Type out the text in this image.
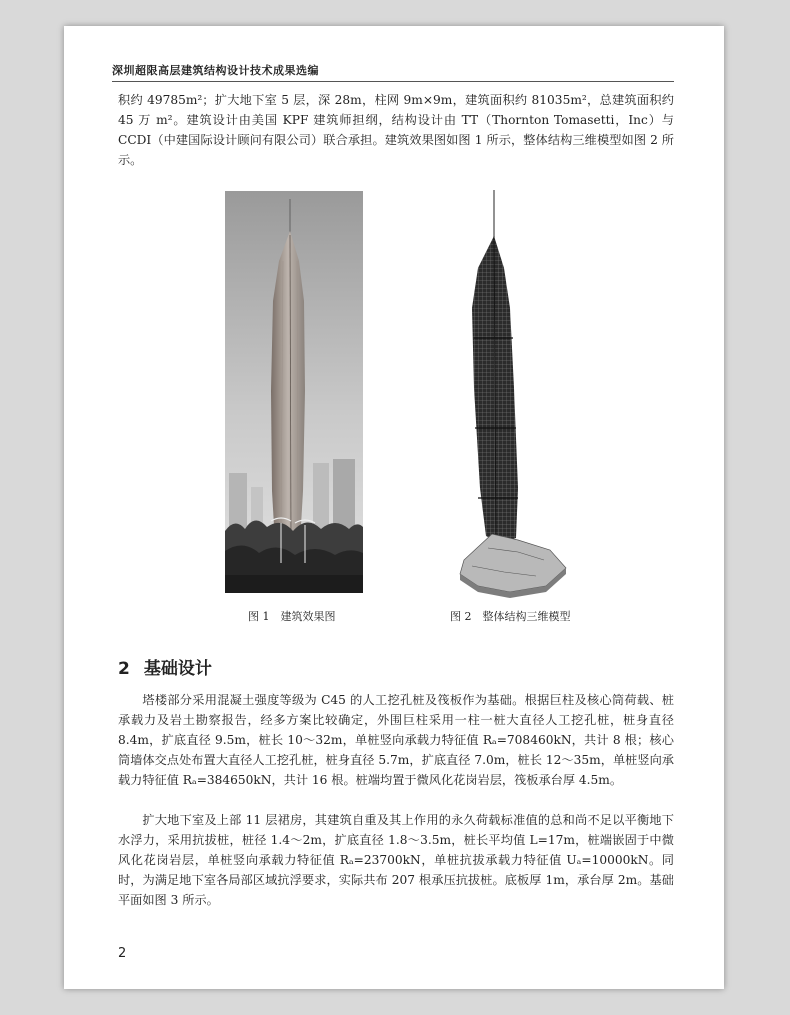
深圳超限高层建筑结构设计技术成果选编

积约 49785m²；扩大地下室 5 层，深 28m，柱网 9m×9m，建筑面积约 81035m²，总建筑面积约 45 万 m²。建筑设计由美国 KPF 建筑师担纲，结构设计由 TT（Thornton Tomasetti，Inc）与 CCDI（中建国际设计顾问有限公司）联合承担。建筑效果图如图 1 所示，整体结构三维模型如图 2 所示。

图 1　建筑效果图	图 2　整体结构三维模型
2 基础设计

塔楼部分采用混凝土强度等级为 C45 的人工挖孔桩及筏板作为基础。根据巨柱及核心筒荷载、桩承载力及岩土勘察报告，经多方案比较确定，外围巨柱采用一柱一桩大直径人工挖孔桩，桩身直径 8.4m，扩底直径 9.5m，桩长 10～32m，单桩竖向承载力特征值 Rₐ=708460kN，共计 8 根；核心筒墙体交点处布置大直径人工挖孔桩，桩身直径 5.7m，扩底直径 7.0m，桩长 12～35m，单桩竖向承载力特征值 Rₐ=384650kN，共计 16 根。桩端均置于微风化花岗岩层，筏板承台厚 4.5m。

扩大地下室及上部 11 层裙房，其建筑自重及其上作用的永久荷载标准值的总和尚不足以平衡地下水浮力，采用抗拔桩，桩径 1.4～2m，扩底直径 1.8～3.5m，桩长平均值 L=17m，桩端嵌固于中微风化花岗岩层，单桩竖向承载力特征值 Rₐ=23700kN，单桩抗拔承载力特征值 Uₐ=10000kN。同时，为满足地下室各局部区域抗浮要求，实际共布 207 根承压抗拔桩。底板厚 1m，承台厚 2m。基础平面如图 3 所示。

2
